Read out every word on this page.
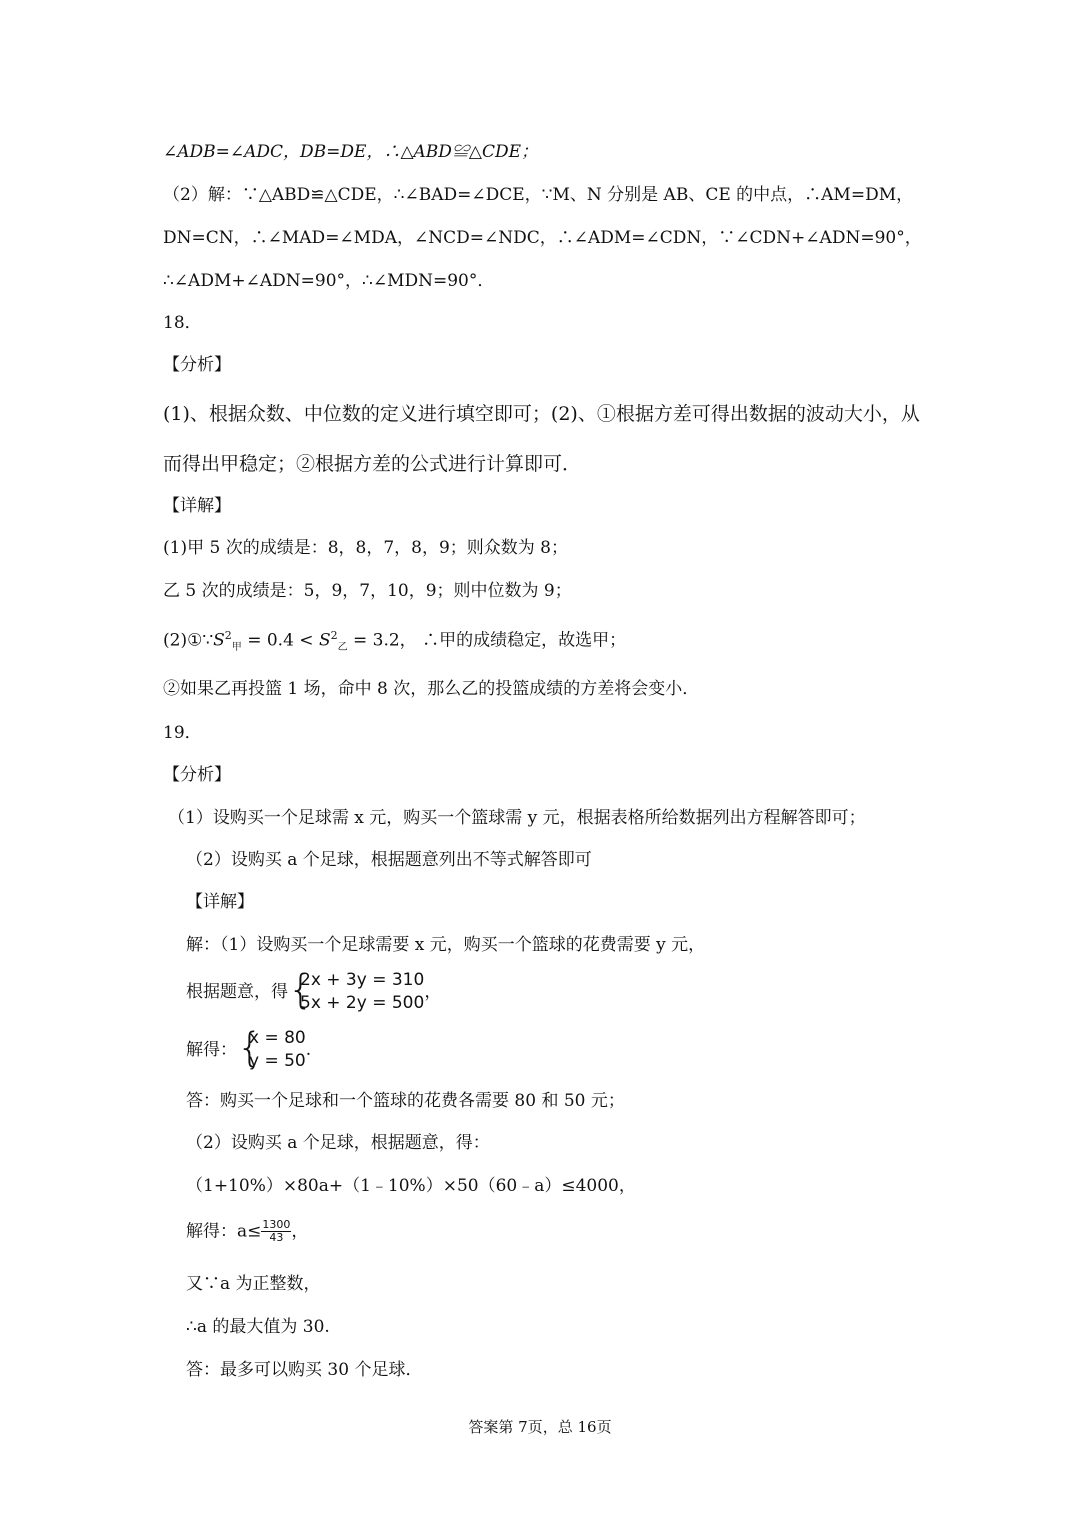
∠ADB=∠ADC，DB=DE，∴△ABD≌△CDE；
（2）解：∵△ABD≌△CDE，∴∠BAD=∠DCE，∵M、N 分别是 AB、CE 的中点，∴AM=DM，
DN=CN，∴∠MAD=∠MDA，∠NCD=∠NDC，∴∠ADM=∠CDN，∵∠CDN+∠ADN=90°，
∴∠ADM+∠ADN=90°，∴∠MDN=90°．
18．
【分析】
(1)、根据众数、中位数的定义进行填空即可；(2)、①根据方差可得出数据的波动大小，从
而得出甲稳定；②根据方差的公式进行计算即可．
【详解】
(1)甲 5 次的成绩是：8，8，7，8，9；则众数为 8；
乙 5 次的成绩是：5，9，7，10，9；则中位数为 9；
$(2)①\because S^2_甲 = 0.4 < S^2_乙 = 3.2$， ∴甲的成绩稳定，故选甲；
②如果乙再投篮 1 场，命中 8 次，那么乙的投篮成绩的方差将会变小．
19．
【分析】
（1）设购买一个足球需 x 元，购买一个篮球需 y 元，根据表格所给数据列出方程解答即可；
（2）设购买 a 个足球，根据题意列出不等式解答即可
【详解】
解：（1）设购买一个足球需要 x 元，购买一个篮球的花费需要 y 元，
根据题意，得 {
2x + 3y = 310
5x + 2y = 500
，
解得： {
x = 80
y = 50
.
答：购买一个足球和一个篮球的花费各需要 80 和 50 元；
（2）设购买 a 个足球，根据题意，得：
（1+10%）×80a+（1﹣10%）×50（60﹣a）≤4000，
解得：$a\le \frac{1300}{43}$ ，
又∵a 为正整数，
∴a 的最大值为 30.
答：最多可以购买 30 个足球．
答案第 7页，总 16页
